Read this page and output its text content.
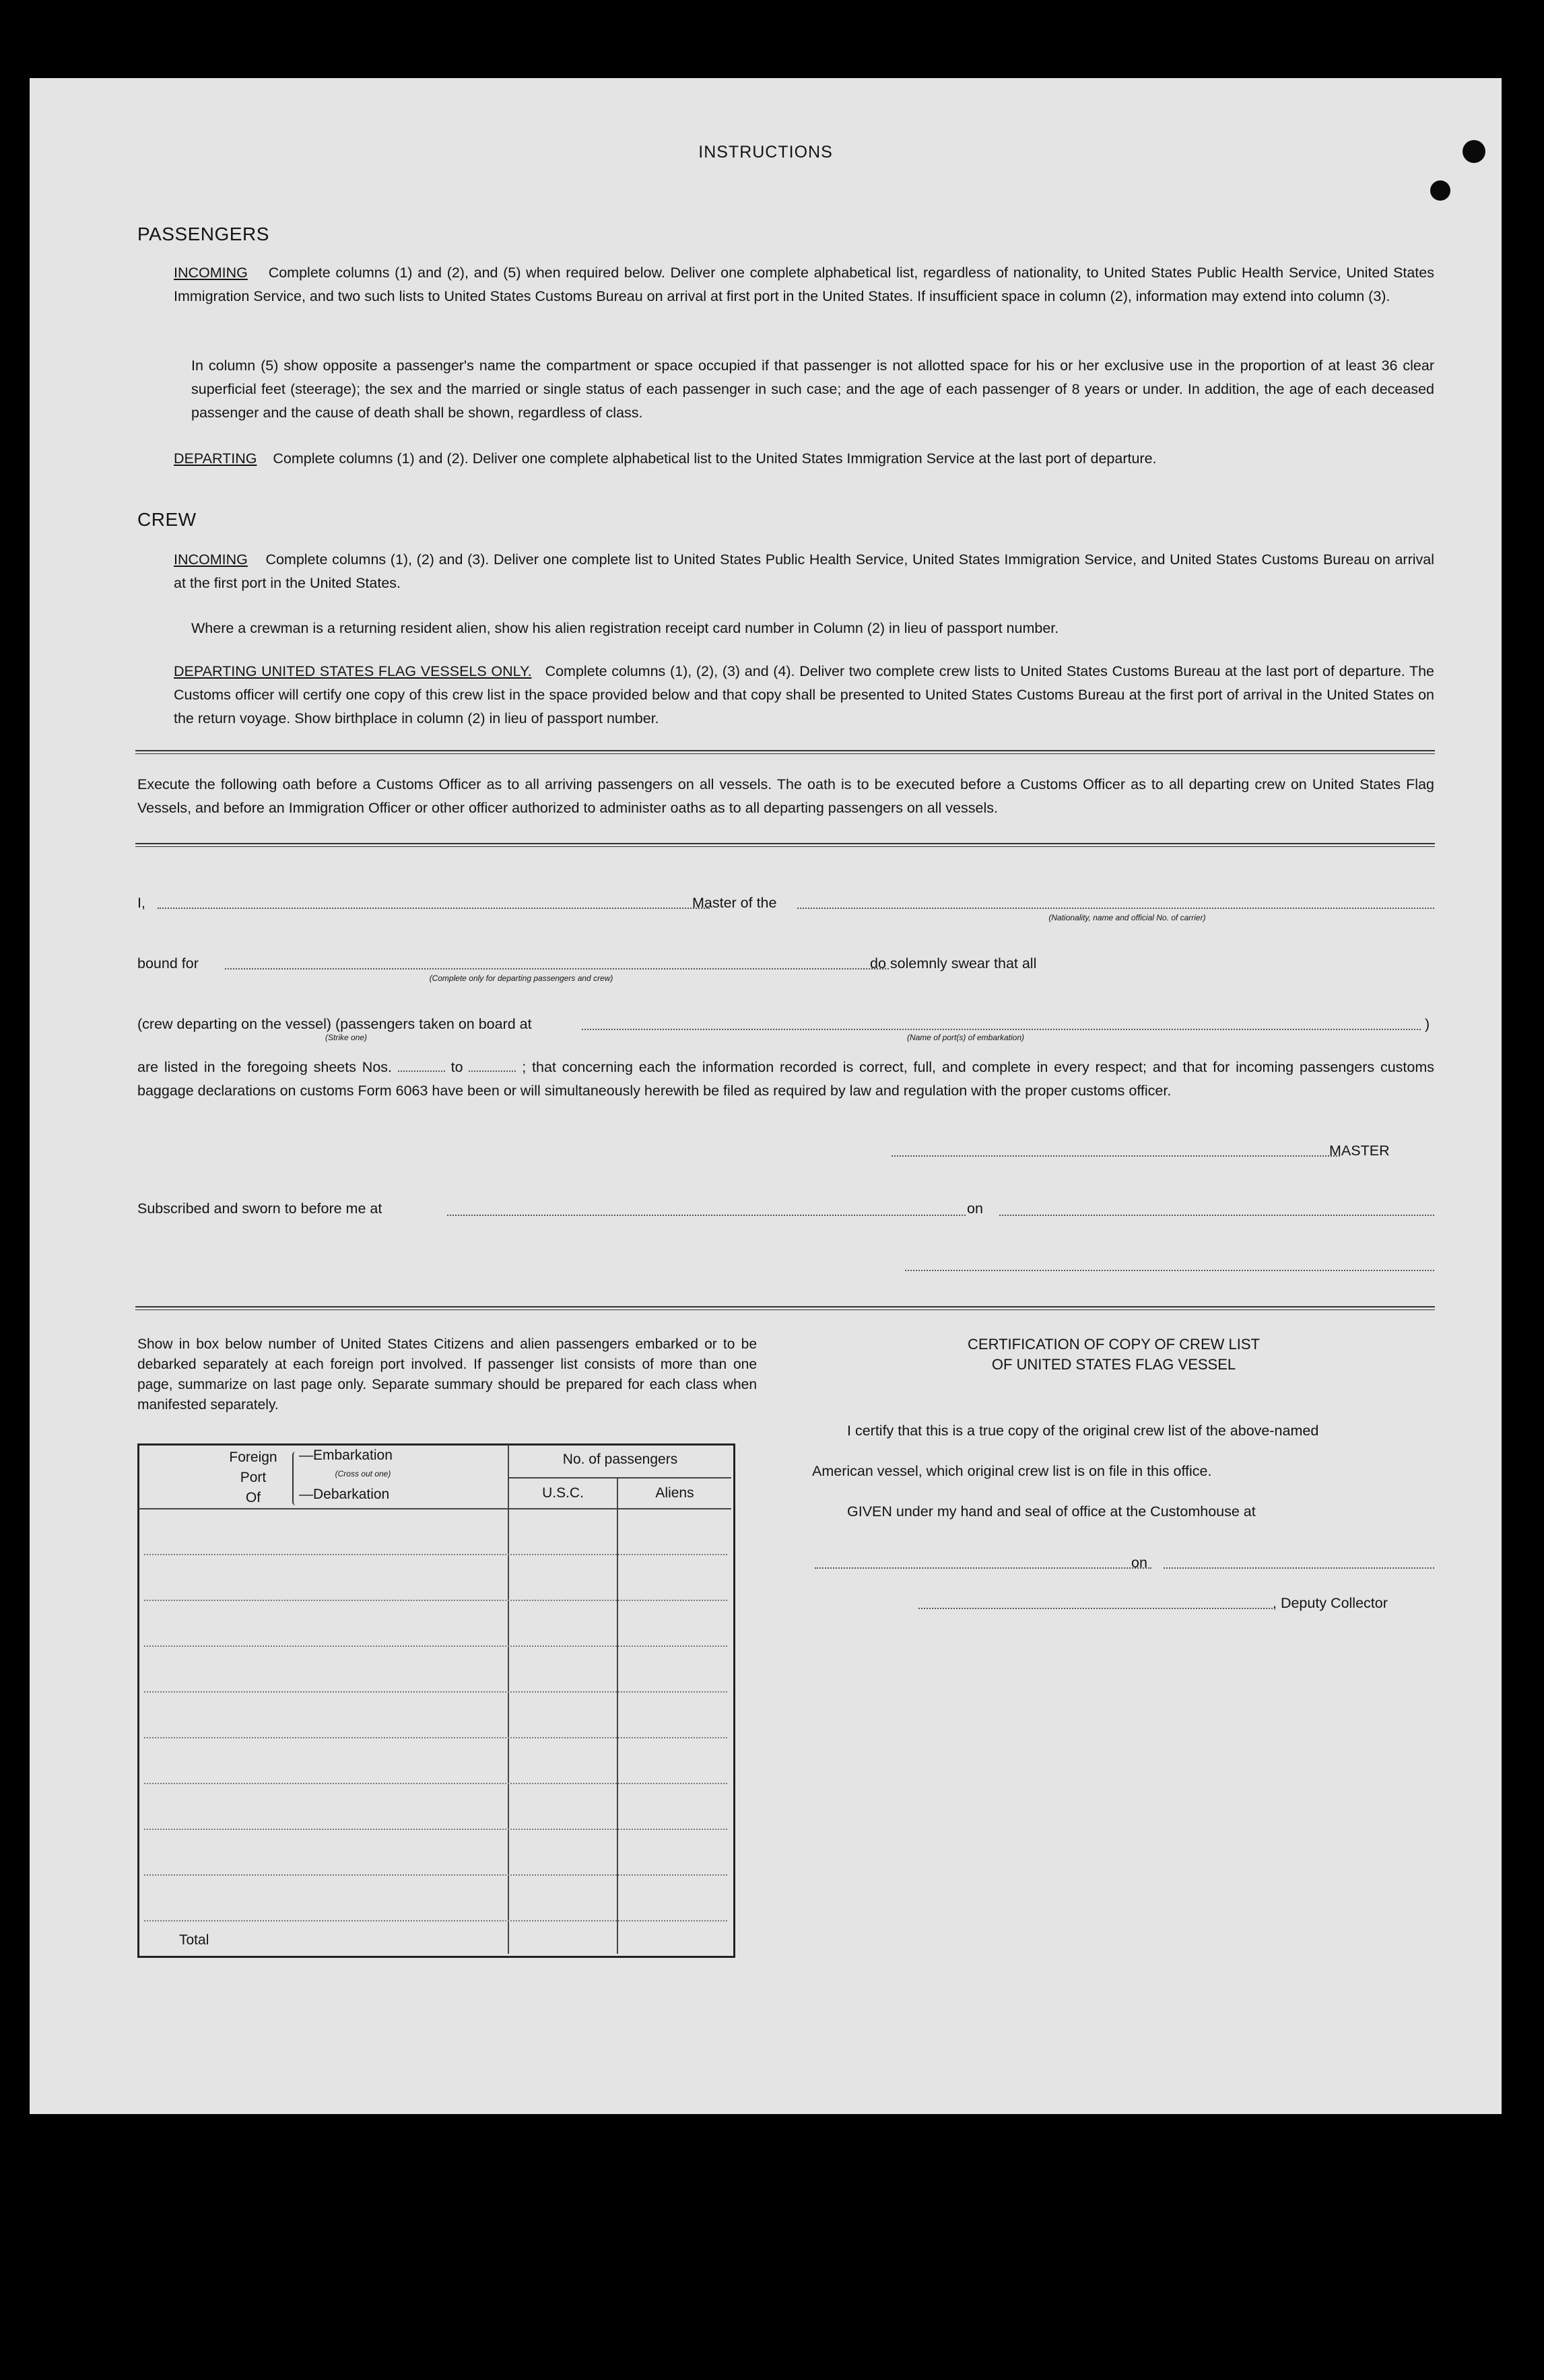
INSTRUCTIONS
PASSENGERS
INCOMING Complete columns (1) and (2), and (5) when required below. Deliver one complete alphabetical list, regardless of nationality, to United States Public Health Service, United States Immigration Service, and two such lists to United States Customs Bureau on arrival at first port in the United States. If insufficient space in column (2), information may extend into column (3).
In column (5) show opposite a passenger's name the compartment or space occupied if that passenger is not allotted space for his or her exclusive use in the proportion of at least 36 clear superficial feet (steerage); the sex and the married or single status of each passenger in such case; and the age of each passenger of 8 years or under. In addition, the age of each deceased passenger and the cause of death shall be shown, regardless of class.
DEPARTING Complete columns (1) and (2). Deliver one complete alphabetical list to the United States Immigration Service at the last port of departure.
CREW
INCOMING Complete columns (1), (2) and (3). Deliver one complete list to United States Public Health Service, United States Immigration Service, and United States Customs Bureau on arrival at the first port in the United States.
Where a crewman is a returning resident alien, show his alien registration receipt card number in Column (2) in lieu of passport number.
DEPARTING UNITED STATES FLAG VESSELS ONLY. Complete columns (1), (2), (3) and (4). Deliver two complete crew lists to United States Customs Bureau at the last port of departure. The Customs officer will certify one copy of this crew list in the space provided below and that copy shall be presented to United States Customs Bureau at the first port of arrival in the United States on the return voyage. Show birthplace in column (2) in lieu of passport number.
Execute the following oath before a Customs Officer as to all arriving passengers on all vessels. The oath is to be executed before a Customs Officer as to all departing crew on United States Flag Vessels, and before an Immigration Officer or other officer authorized to administer oaths as to all departing passengers on all vessels.
I,	Master of the
(Nationality, name and official No. of carrier)
bound for
(Complete only for departing passengers and crew)
do solemnly swear that all
(crew departing on the vessel) (passengers taken on board at	)
(Strike one)	(Name of port(s) of embarkation)
are listed in the foregoing sheets Nos.	to	; that concerning each the information recorded is correct, full, and complete in every respect; and that for incoming passengers customs baggage declarations on customs Form 6063 have been or will simultaneously herewith be filed as required by law and regulation with the proper customs officer.
MASTER
Subscribed and sworn to before me at	on
Show in box below number of United States Citizens and alien passengers embarked or to be debarked separately at each foreign port involved. If passenger list consists of more than one page, summarize on last page only. Separate summary should be prepared for each class when manifested separately.
Foreign
Port
Of
—Embarkation
(Cross out one)
—Debarkation
No. of passengers
U.S.C.	Aliens
Total
CERTIFICATION OF COPY OF CREW LIST
OF UNITED STATES FLAG VESSEL
I certify that this is a true copy of the original crew list of the above-named
American vessel, which original crew list is on file in this office.
GIVEN under my hand and seal of office at the Customhouse at
on
, Deputy Collector
